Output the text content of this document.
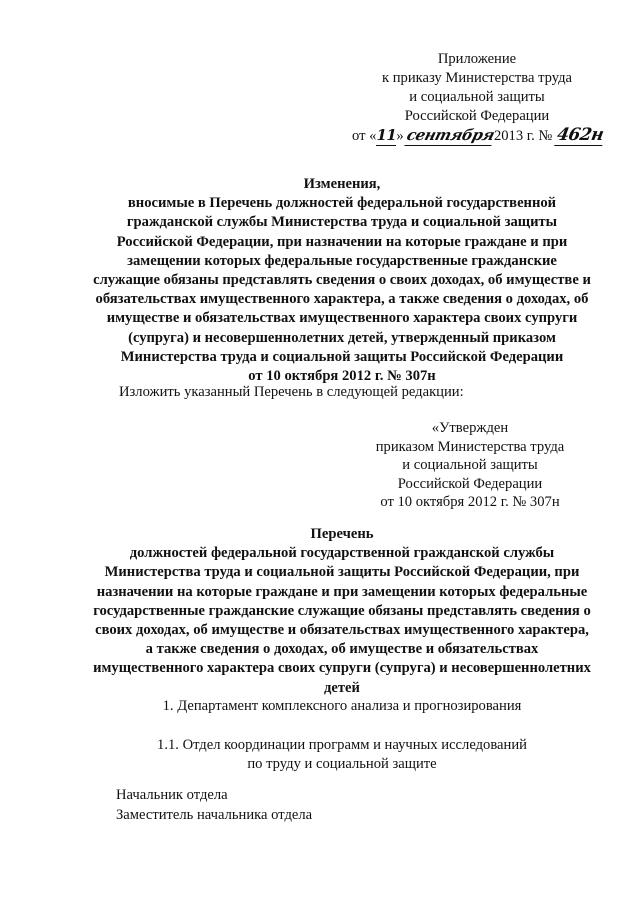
Приложение
к приказу Министерства труда
и социальной защиты
Российской Федерации
от «11» сентября2013 г. № 462н
Изменения,
вносимые в Перечень должностей федеральной государственной
гражданской службы Министерства труда и социальной защиты
Российской Федерации, при назначении на которые граждане и при
замещении которых федеральные государственные гражданские
служащие обязаны представлять сведения о своих доходах, об имуществе и
обязательствах имущественного характера, а также сведения о доходах, об
имуществе и обязательствах имущественного характера своих супруги
(супруга) и несовершеннолетних детей, утвержденный приказом
Министерства труда и социальной защиты Российской Федерации
от 10 октября 2012 г. № 307н
Изложить указанный Перечень в следующей редакции:
«Утвержден
приказом Министерства труда
и социальной защиты
Российской Федерации
от 10 октября 2012 г. № 307н
Перечень
должностей федеральной государственной гражданской службы
Министерства труда и социальной защиты Российской Федерации, при
назначении на которые граждане и при замещении которых федеральные
государственные гражданские служащие обязаны представлять сведения о
своих доходах, об имуществе и обязательствах имущественного характера,
а также сведения о доходах, об имуществе и обязательствах
имущественного характера своих супруги (супруга) и несовершеннолетних
детей
1. Департамент комплексного анализа и прогнозирования
1.1. Отдел координации программ и научных исследований
по труду и социальной защите
Начальник отдела
Заместитель начальника отдела
